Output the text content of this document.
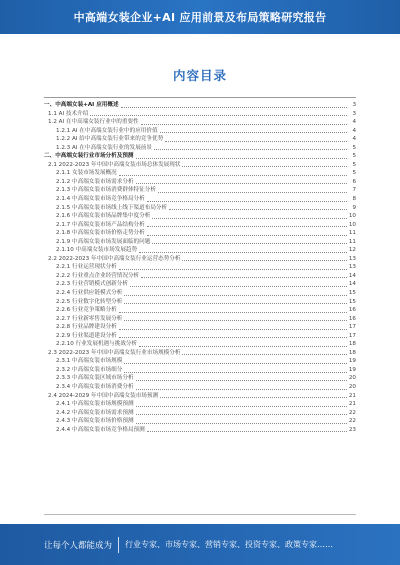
中高端女装企业+AI 应用前景及布局策略研究报告
内容目录
一、中高端女装+AI 应用概述	3
1.1 AI 技术介绍	3
1.2 AI 在中高端女装行业中的重要性	4
1.2.1 AI 在中高端女装行业中的应用价值	4
1.2.2 AI 给中高端女装行业带来的竞争优势	4
1.2.3 AI 在中高端女装行业的发展前景	5
二、中高端女装行业市场分析及预测	5
2.1 2022-2023 年中国中高端女装市场总体发展现状	5
2.1.1 女装市场发展概况	5
2.1.2 中高端女装市场需求分析	6
2.1.3 中高端女装市场消费群体特征分析	7
2.1.4 中高端女装市场竞争格局分析	8
2.1.5 中高端女装市场线上线下渠道布局分析	9
2.1.6 中高端女装市场品牌集中度分析	10
2.1.7 中高端女装市场产品结构分析	10
2.1.8 中高端女装市场价格走势分析	11
2.1.9 中高端女装市场发展面临的问题	11
2.1.10 中高端女装市场发展趋势	12
2.2 2022-2023 年中国中高端女装行业运营态势分析	13
2.2.1 行业运营现状分析	13
2.2.2 行业重点企业经营情况分析	14
2.2.3 行业营销模式创新分析	14
2.2.4 行业供应链模式分析	15
2.2.5 行业数字化转型分析	15
2.2.6 行业竞争策略分析	16
2.2.7 行业新零售发展分析	16
2.2.8 行业品牌建设分析	17
2.2.9 行业渠道建设分析	17
2.2.10 行业发展机遇与挑战分析	18
2.3 2022-2023 年中国中高端女装行业市场规模分析	18
2.3.1 中高端女装市场规模	19
2.3.2 中高端女装市场细分	19
2.3.3 中高端女装区域市场分析	20
2.3.4 中高端女装市场消费分析	20
2.4 2024-2029 年中国中高端女装市场预测	21
2.4.1 中高端女装市场规模预测	21
2.4.2 中高端女装市场需求预测	22
2.4.3 中高端女装市场价格预测	22
2.4.4 中高端女装市场竞争格局预测	23
让每个人都能成为 行业专家、市场专家、营销专家、投资专家、政策专家……
